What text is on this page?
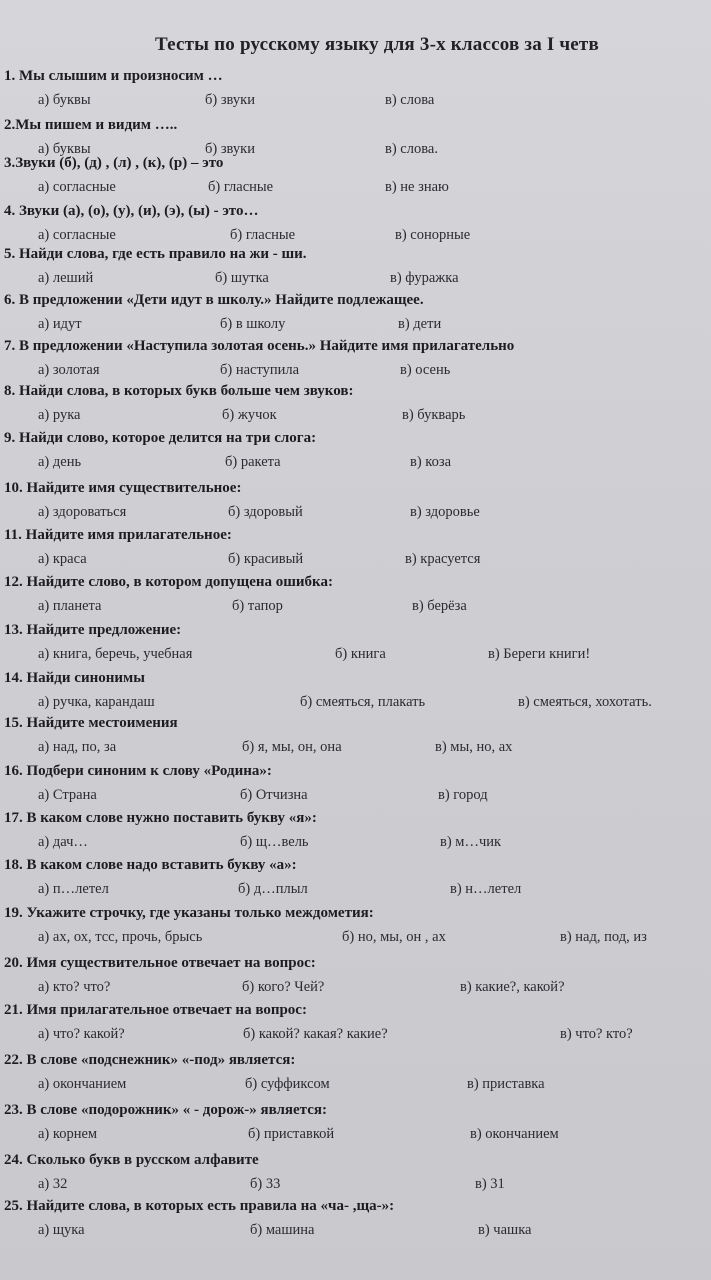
Тесты по русскому языку для 3-х классов за I четв
1. Мы слышим и произносим …
а) буквы	б) звуки	в) слова
2.Мы пишем и видим …..
а) буквы	б) звуки	в) слова.
3.Звуки (б), (д) , (л) , (к), (р) – это
а) согласные	б) гласные	в) не знаю
4. Звуки (а), (о), (у), (и), (э), (ы) - это…
а) согласные	б) гласные	в) сонорные
5. Найди слова, где есть правило на жи - ши.
а) леший	б) шутка	в) фуражка
6. В предложении «Дети идут в школу.» Найдите подлежащее.
а) идут	б) в школу	в) дети
7. В предложении «Наступила золотая осень.» Найдите имя прилагательно
а) золотая	б) наступила	в) осень
8. Найди слова, в которых букв больше чем звуков:
а) рука	б) жучок	в) букварь
9. Найди слово, которое делится на три слога:
а) день	б) ракета	в) коза
10. Найдите имя существительное:
а) здороваться	б) здоровый	в) здоровье
11. Найдите имя прилагательное:
а) краса	б) красивый	в) красуется
12. Найдите слово, в котором допущена ошибка:
а) планета	б) тапор	в) берёза
13. Найдите предложение:
а) книга, беречь, учебная	б) книга	в) Береги книги!
14. Найди синонимы
а) ручка, карандаш	б) смеяться, плакать	в) смеяться, хохотать.
15. Найдите местоимения
а) над, по, за	б) я, мы, он, она	в) мы, но, ах
16. Подбери синоним к слову «Родина»:
а) Страна	б) Отчизна	в) город
17. В каком слове нужно поставить букву «я»:
а) дач…	б) щ…вель	в) м…чик
18. В каком слове надо вставить букву «а»:
а) п…летел	б) д…плыл	в) н…летел
19. Укажите строчку, где указаны только междометия:
а) ах, ох, тсс, прочь, брысь	б) но, мы, он , ах	в) над, под, из
20. Имя существительное отвечает на вопрос:
а) кто? что?	б) кого? Чей?	в) какие?, какой?
21. Имя прилагательное отвечает на вопрос:
а) что? какой?	б) какой? какая? какие?	в) что? кто?
22. В слове «подснежник» «-под» является:
а) окончанием	б) суффиксом	в) приставка
23. В слове «подорожник» « - дорож-» является:
а) корнем	б) приставкой	в) окончанием
24. Сколько букв в русском алфавите
а) 32	б) 33	в) 31
25. Найдите слова, в которых есть правила на «ча- ,ща-»:
а) щука	б) машина	в) чашка
